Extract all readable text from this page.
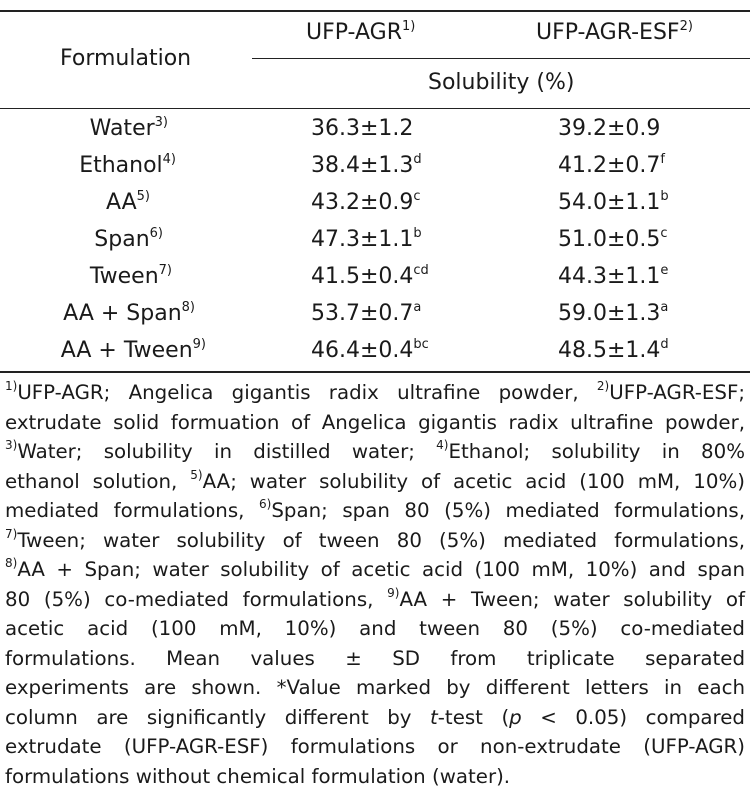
Formulation
UFP-AGR$^{1)}$	UFP-AGR-ESF$^{2)}$
Solubility (%)
Water$^{3)}$	36.3±1.2	39.2±0.9
Ethanol$^{4)}$	38.4±1.3$^d$	41.2±0.7$^f$
AA$^{5)}$	43.2±0.9$^c$	54.0±1.1$^b$
Span$^{6)}$	47.3±1.1$^b$	51.0±0.5$^c$
Tween$^{7)}$	41.5±0.4$^{cd}$	44.3±1.1$^e$
AA + Span$^{8)}$	53.7±0.7$^a$	59.0±1.3$^a$
AA + Tween$^{9)}$	46.4±0.4$^{bc}$	48.5±1.4$^d$
$^{1)}$UFP-AGR; Angelica gigantis radix ultrafine powder, $^{2)}$UFP-AGR-ESF;
extrudate solid formuation of Angelica gigantis radix ultrafine powder,
$^{3)}$Water; solubility in distilled water; $^{4)}$Ethanol; solubility in 80%
ethanol solution, $^{5)}$AA; water solubility of acetic acid (100 mM, 10%)
mediated formulations, $^{6)}$Span; span 80 (5%) mediated formulations,
$^{7)}$Tween; water solubility of tween 80 (5%) mediated formulations,
$^{8)}$AA + Span; water solubility of acetic acid (100 mM, 10%) and span
80 (5%) co-mediated formulations, $^{9)}$AA + Tween; water solubility of
acetic acid (100 mM, 10%) and tween 80 (5%) co-mediated
formulations. Mean values ± SD from triplicate separated
experiments are shown. *Value marked by different letters in each
column are significantly different by t-test (p < 0.05) compared
extrudate (UFP-AGR-ESF) formulations or non-extrudate (UFP-AGR)
formulations without chemical formulation (water).
